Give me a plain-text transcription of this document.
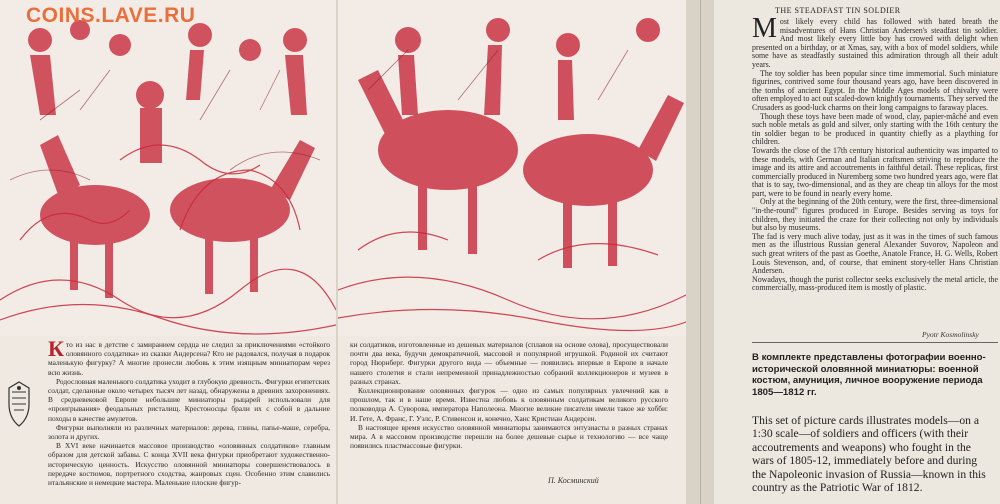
COINS.LAVE.RU

Кто из нас в детстве с замиранием сердца не следил за приключениями «стойкого оловянного солдатика» из сказки Андерсена? Кто не радовался, получая в подарок маленькую фигурку? А многие пронесли любовь к этим изящным миниатюрам через всю жизнь.

Родословная маленького солдатика уходит в глубокую древность. Фигурки египетских солдат, сделанные около четырех тысяч лет назад, обнаружены в древних захоронениях. В средневековой Европе небольшие миниатюры рыцарей использовали для «проигрывания» феодальных ристалищ. Крестоносцы брали их с собой в дальние походы в качестве амулетов.

Фигурки выполняли из различных материалов: дерева, глины, папье-маше, серебра, золота и других.

В XVI веке начинается массовое производство «оловянных солдатиков» главным образом для детской забавы. С конца XVII века фигурки приобретают художественно-историческую ценность. Искусство оловянной миниатюры совершенствовалось в передаче костюмов, портретного сходства, жанровых сцен. Особенно этим славились итальянские и немецкие мастера. Маленькие плоские фигур-

ки солдатиков, изготовленные из дешевых материалов (сплавов на основе олова), просуществовали почти два века, будучи демократичной, массовой и популярной игрушкой. Родиной их считают город Нюрнберг. Фигурки другого вида — объемные — появились впервые в Европе в начале нашего столетия и стали непременной принадлежностью собраний коллекционеров и музеев в разных странах.

Коллекционирование оловянных фигурок — одно из самых популярных увлечений как в прошлом, так и в наше время. Известна любовь к оловянным солдатикам великого русского полководца А. Суворова, императора Наполеона. Многие великие писатели имели такое же хобби: И. Гете, А. Франс, Г. Уэлс, Р. Стивенсон и, конечно, Ханс Кристиан Андерсен.

В настоящее время искусство оловянной миниатюры занимаются энтузиасты в разных странах мира. А в массовом производстве перешли на более дешевые сырье и технологию — все чаще появились пластмассовые фигурки.

П. Косминский
THE STEADFAST TIN SOLDIER

Most likely every child has followed with bated breath the misadventures of Hans Christian Andersen's steadfast tin soldier. And most likely every little boy has crowed with delight when presented on a birthday, or at Xmas, say, with a box of model soldiers, while some have as steadfastly sustained this admiration through all their adult years.

The toy soldier has been popular since time immemorial. Such miniature figurines, contrived some four thousand years ago, have been discovered in the tombs of ancient Egypt. In the Middle Ages models of chivalry were often employed to act out scaled-down knightly tournaments. They served the Crusaders as good-luck charms on their long campaigns to faraway places.

Though these toys have been made of wood, clay, papier-mâché and even such noble metals as gold and silver, only starting with the 16th century the tin soldier began to be produced in quantity chiefly as a plaything for children.

Towards the close of the 17th century historical authenticity was imparted to these models, with German and Italian craftsmen striving to reproduce the image and its attire and accoutrements in faithful detail. These replicas, first commercially produced in Nuremberg some two hundred years ago, were flat that is to say, two-dimensional, and as they are cheap tin alloys for the most part, were to be found in nearly every home.

Only at the beginning of the 20th century, were the first, three-dimensional "in-the-round" figures produced in Europe. Besides serving as toys for children, they initiated the craze for their collecting not only by individuals but also by museums.

The fad is very much alive today, just as it was in the times of such famous men as the illustrious Russian general Alexander Suvorov, Napoleon and such great writers of the past as Goethe, Anatole France, H. G. Wells, Robert Louis Stevenson, and, of course, that eminent story-teller Hans Christian Andersen.

Nowadays, though the purist collector seeks exclusively the metal article, the commercially, mass-produced item is mostly of plastic.

Pyotr Kosmolinsky
В комплекте представлены фотографии военно-исторической оловянной миниатюры: военной костюм, амуниция, личное вооружение периода 1805—1812 гг.
This set of picture cards illustrates models—on a 1:30 scale—of soldiers and officers (with their accoutrements and weapons) who fought in the wars of 1805-12, immediately before and during the Napoleonic invasion of Russia—known in this country as the Patriotic War of 1812.
